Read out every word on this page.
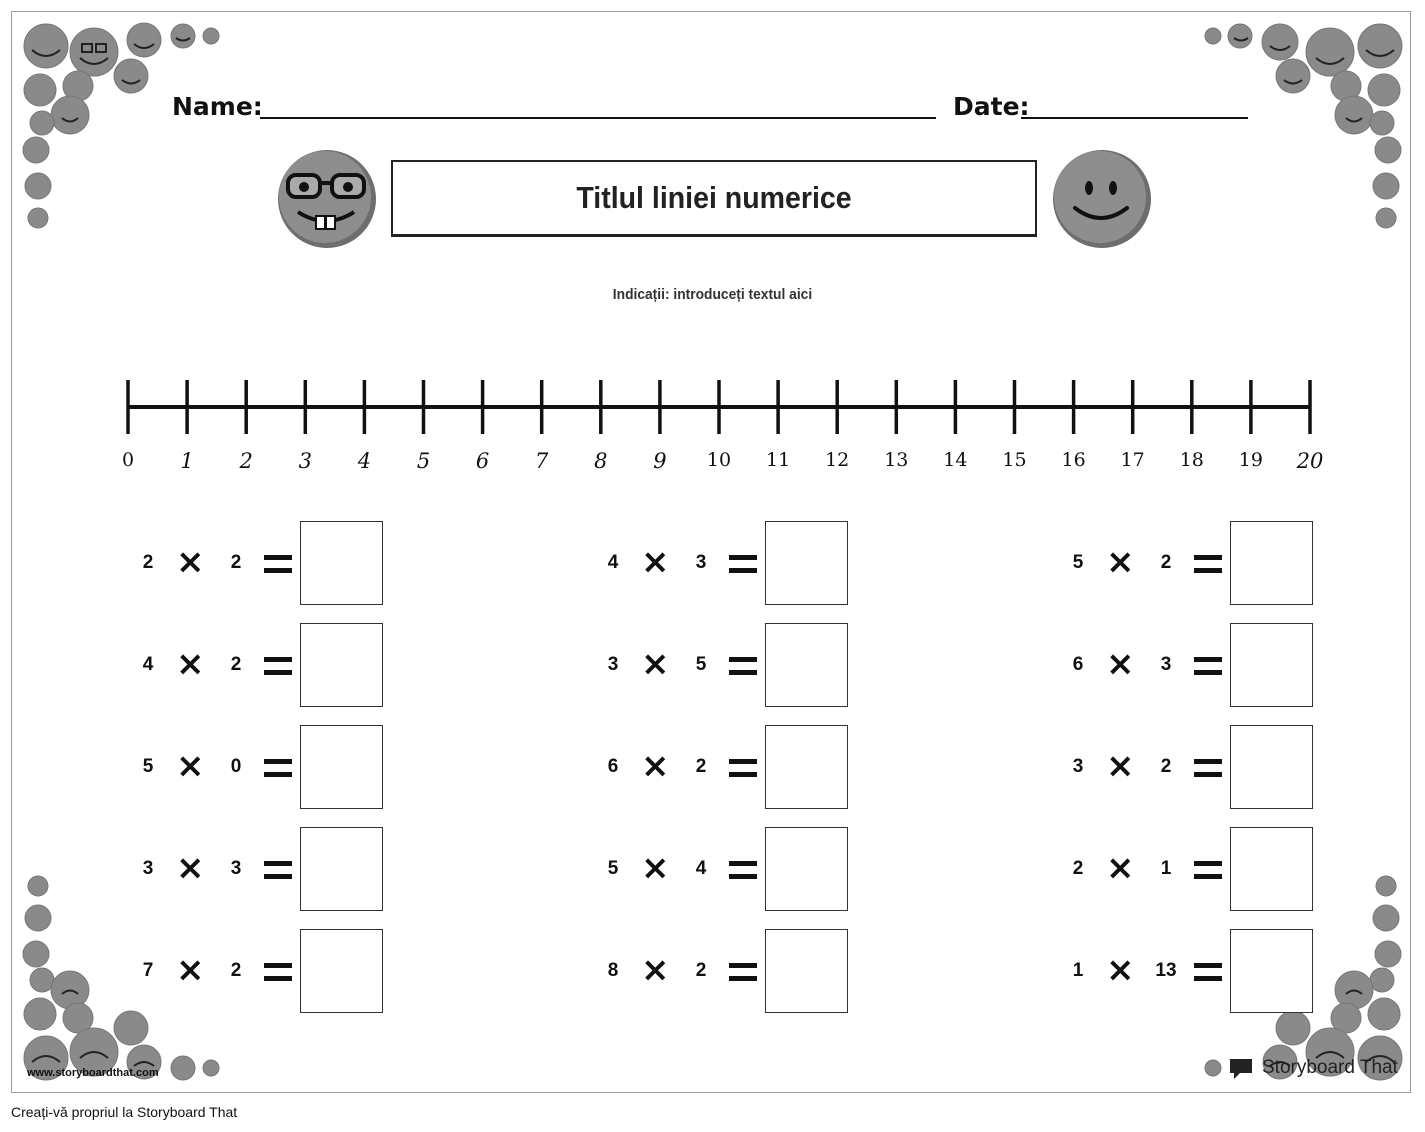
Name:	Date:
Titlul liniei numerice
Indicații: introduceți textul aici
0	1	2	3	4	5	6	7	8	9	10	11	12	13	14	15	16	17	18	19	20
2 ×	2
4 ×	2
5 ×	0
3 ×	3
7 ×	2
4 ×	3
3 ×	5
6 ×	2
5 ×	4
8 ×	2
5 ×	2
6 ×	3
3 ×	2
2 ×	1
1 × 13
www.storyboardthat.com	Storyboard That
Creați-vă propriul la Storyboard That
